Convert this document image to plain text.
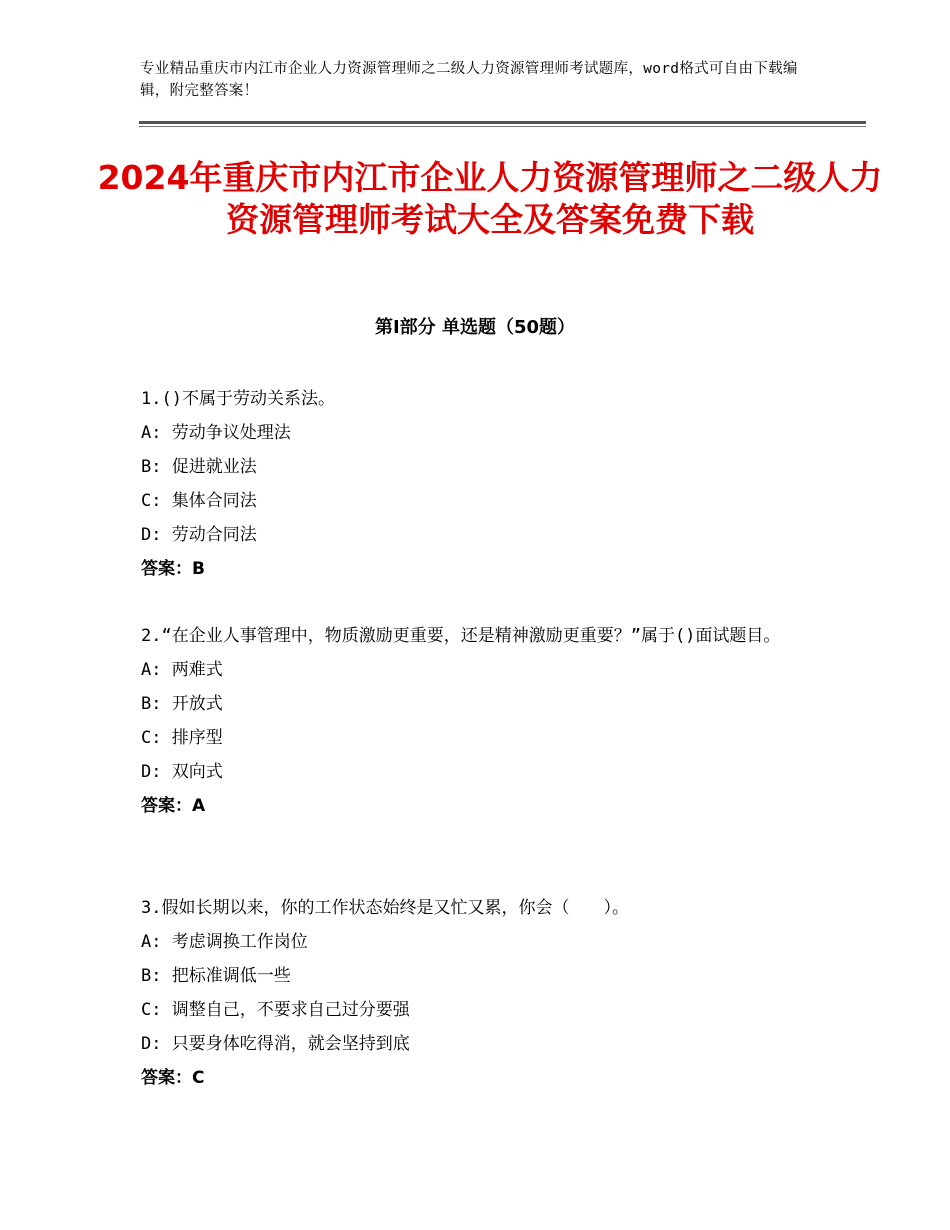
专业精品重庆市内江市企业人力资源管理师之二级人力资源管理师考试题库，word格式可自由下载编辑，附完整答案！
2024年重庆市内江市企业人力资源管理师之二级人力资源管理师考试大全及答案免费下载
第Ⅰ部分 单选题（50题）
1.()不属于劳动关系法。
A: 劳动争议处理法
B: 促进就业法
C: 集体合同法
D: 劳动合同法
答案：B
2.“在企业人事管理中，物质激励更重要，还是精神激励更重要？”属于()面试题目。
A: 两难式
B: 开放式
C: 排序型
D: 双向式
答案：A
3.假如长期以来，你的工作状态始终是又忙又累，你会（　　）。
A: 考虑调换工作岗位
B: 把标准调低一些
C: 调整自己，不要求自己过分要强
D: 只要身体吃得消，就会坚持到底
答案：C
